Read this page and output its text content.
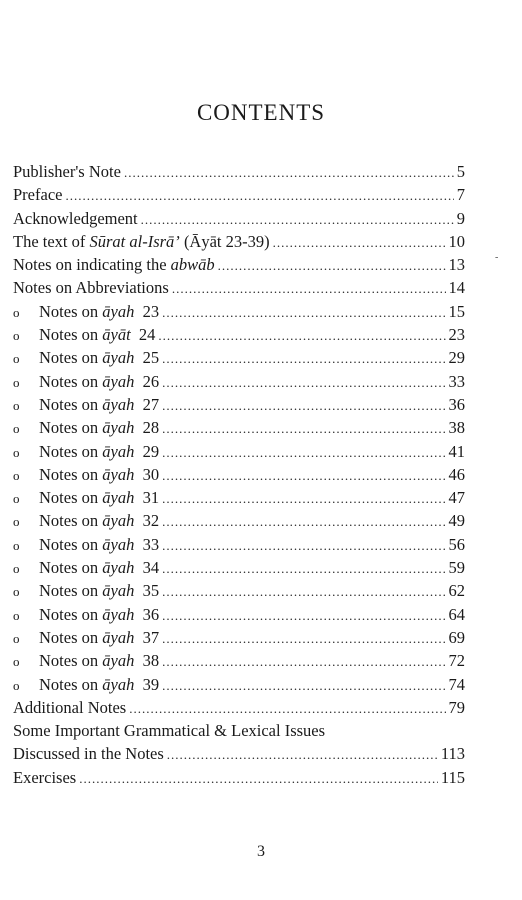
CONTENTS
Publisher's Note .....	5
Preface .....	7
Acknowledgement .....	9
The text of Sūrat al-Isrā’ (Āyāt 23-39) .....	10
Notes on indicating the abwāb .....	13
Notes on Abbreviations .....	14
o	Notes on āyah 23 .....	15
o	Notes on āyāt 24 .....	23
o	Notes on āyah 25 .....	29
o	Notes on āyah 26 .....	33
o	Notes on āyah 27 .....	36
o	Notes on āyah 28 .....	38
o	Notes on āyah 29 .....	41
o	Notes on āyah 30 .....	46
o	Notes on āyah 31 .....	47
o	Notes on āyah 32 .....	49
o	Notes on āyah 33 .....	56
o	Notes on āyah 34 .....	59
o	Notes on āyah 35 .....	62
o	Notes on āyah 36 .....	64
o	Notes on āyah 37 .....	69
o	Notes on āyah 38 .....	72
o	Notes on āyah 39 .....	74
Additional Notes .....	79
Some Important Grammatical & Lexical Issues
Discussed in the Notes .....	113
Exercises .....	115
-
3
